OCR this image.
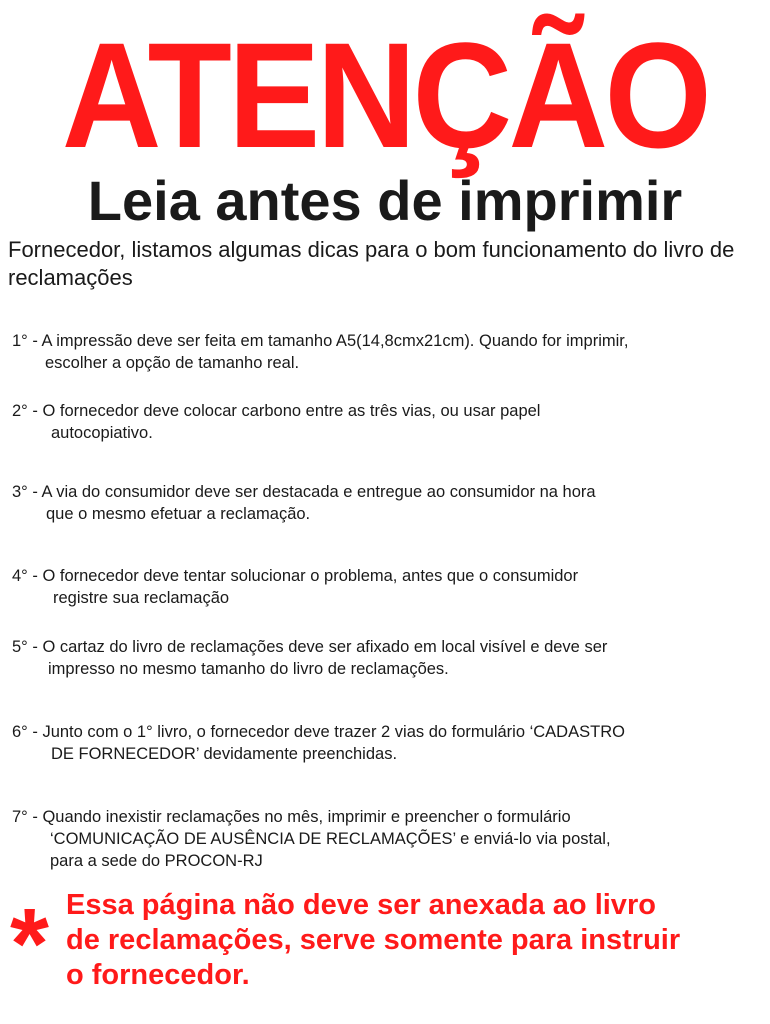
ATENÇÃO
Leia antes de imprimir
Fornecedor, listamos algumas dicas para o bom funcionamento do livro de reclamações
1° - A impressão deve ser feita em tamanho A5(14,8cmx21cm). Quando for imprimir,
escolher a opção de tamanho real.
2° - O fornecedor deve colocar carbono entre as três vias, ou usar papel
autocopiativo.
3° - A via do consumidor deve ser destacada e entregue ao consumidor na hora
que o mesmo efetuar a reclamação.
4° - O fornecedor deve tentar solucionar o problema, antes que o consumidor
registre sua reclamação
5° - O cartaz do livro de reclamações deve ser afixado em local visível e deve ser
impresso no mesmo tamanho do livro de reclamações.
6° - Junto com o 1° livro, o fornecedor deve trazer 2 vias do formulário ‘CADASTRO
DE FORNECEDOR’ devidamente preenchidas.
7° - Quando inexistir reclamações no mês, imprimir e preencher o formulário
‘COMUNICAÇÃO DE AUSÊNCIA DE RECLAMAÇÕES’ e enviá-lo via postal,
para a sede do PROCON-RJ
* Essa página não deve ser anexada ao livro
de reclamações, serve somente para instruir
o fornecedor.
